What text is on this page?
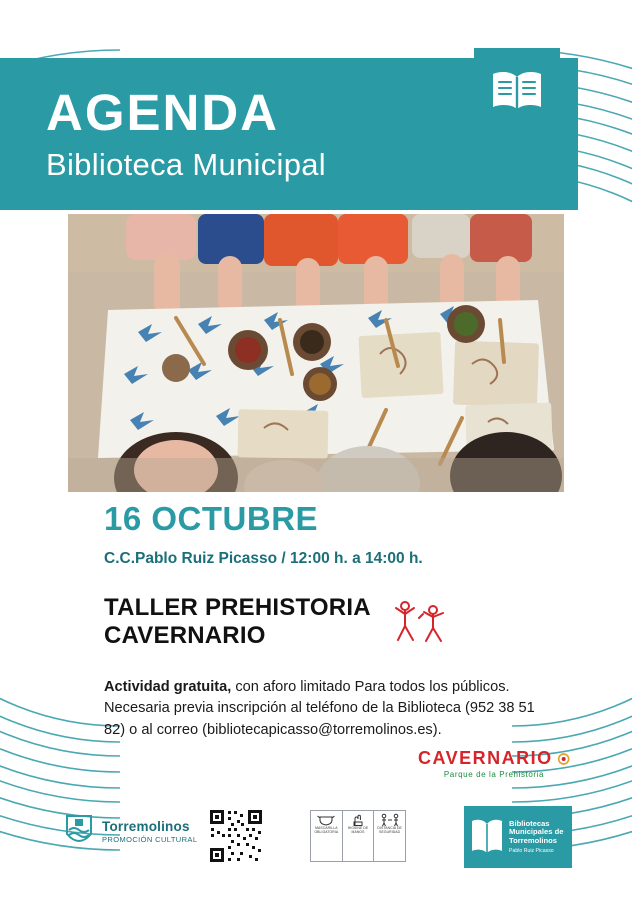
AGENDA
Biblioteca Municipal
16 OCTUBRE
C.C.Pablo Ruiz Picasso / 12:00 h. a 14:00 h.
TALLER PREHISTORIA
CAVERNARIO
Actividad gratuita, con aforo limitado Para todos los públicos. Necesaria previa inscripción al teléfono de la Biblioteca (952 38 51 82) o al correo (bibliotecapicasso@torremolinos.es).
CAVERNARIO
Parque de la Prehistoria
Torremolinos
PROMOCIÓN CULTURAL
MASCARILLA OBLIGATORIA
HIGIENE DE MANOS
DISTANCIA DE SEGURIDAD
Bibliotecas
Municipales de
Torremolinos
Pablo Ruiz Picasso
